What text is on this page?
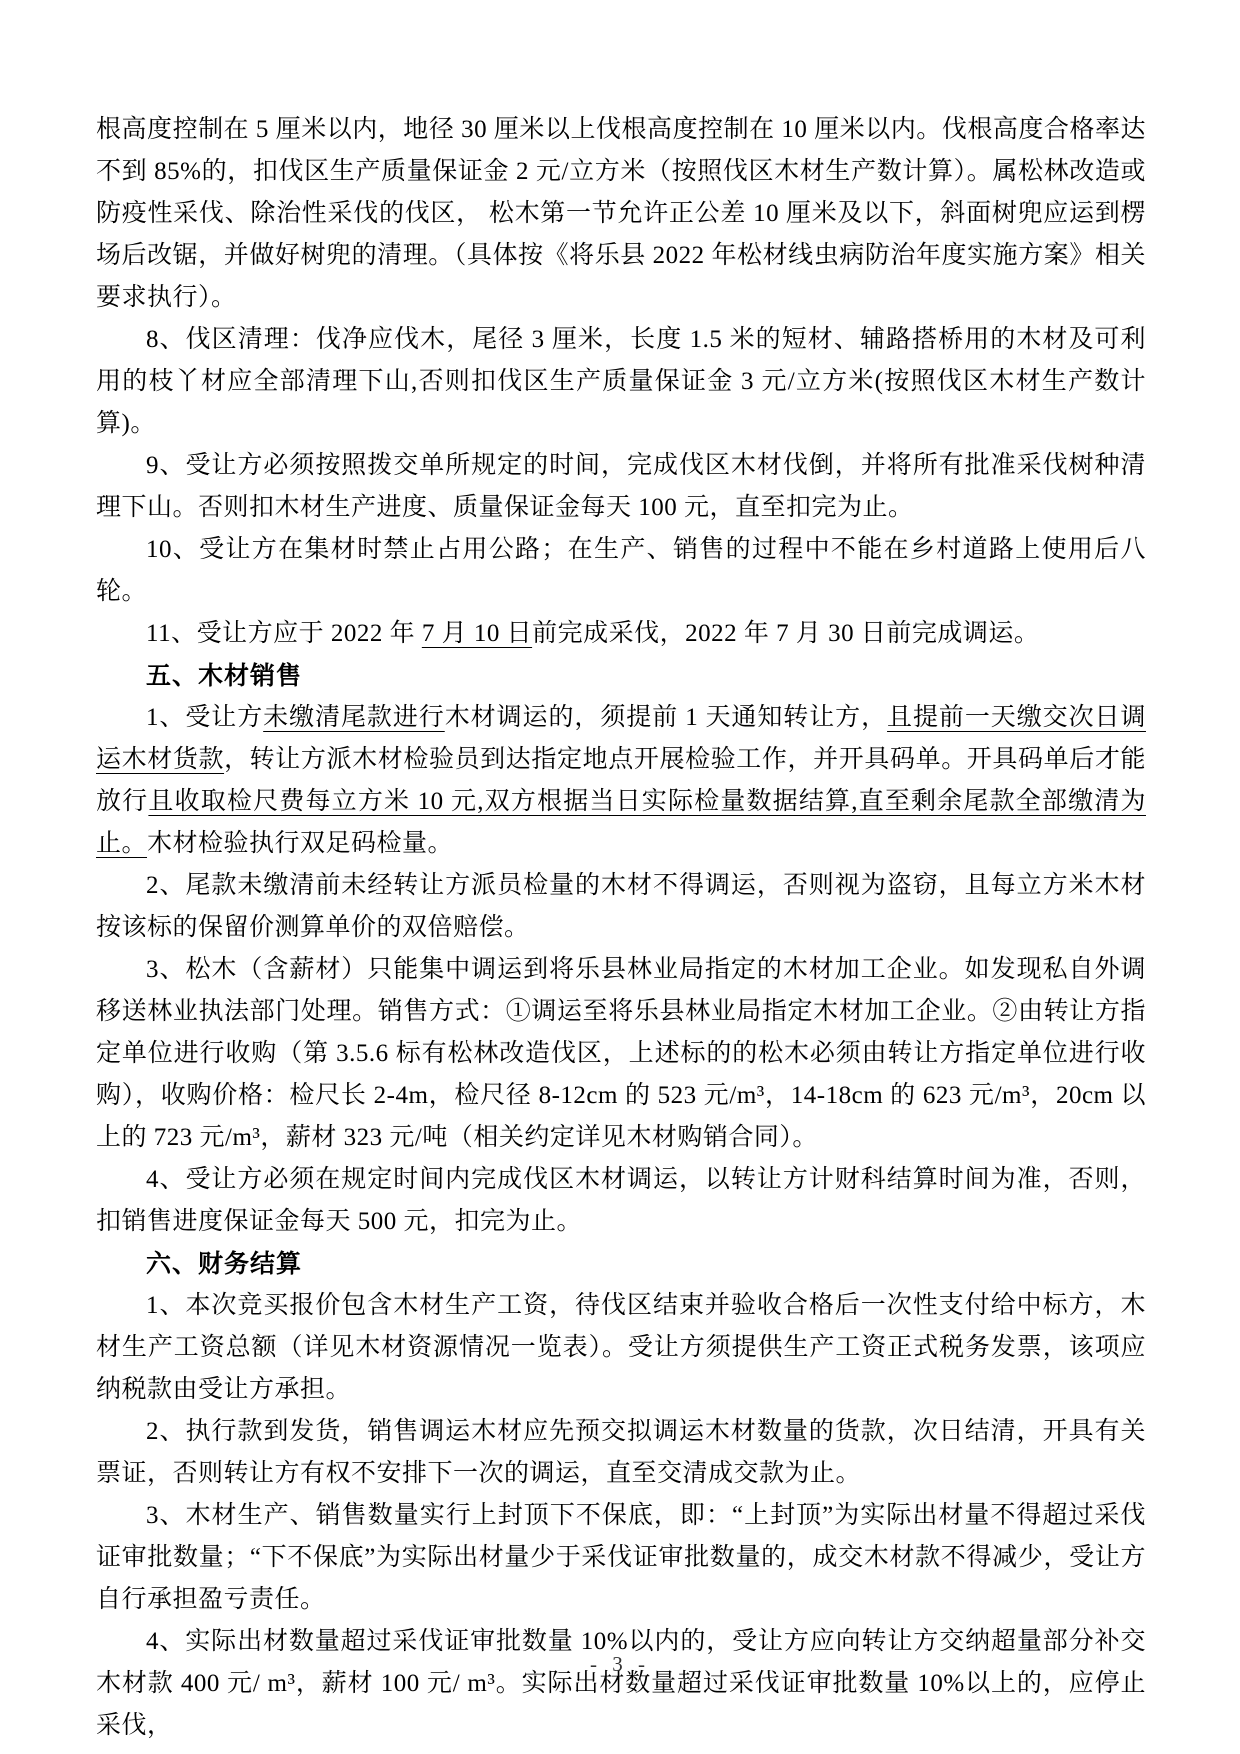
根高度控制在 5 厘米以内，地径 30 厘米以上伐根高度控制在 10 厘米以内。伐根高度合格率达不到 85%的，扣伐区生产质量保证金 2 元/立方米（按照伐区木材生产数计算）。属松林改造或防疫性采伐、除治性采伐的伐区， 松木第一节允许正公差 10 厘米及以下，斜面树兜应运到楞场后改锯，并做好树兜的清理。（具体按《将乐县 2022 年松材线虫病防治年度实施方案》相关要求执行）。

8、伐区清理：伐净应伐木，尾径 3 厘米，长度 1.5 米的短材、辅路搭桥用的木材及可利用的枝丫材应全部清理下山,否则扣伐区生产质量保证金 3 元/立方米(按照伐区木材生产数计算)。

9、受让方必须按照拨交单所规定的时间，完成伐区木材伐倒，并将所有批准采伐树种清理下山。否则扣木材生产进度、质量保证金每天 100 元，直至扣完为止。

10、受让方在集材时禁止占用公路；在生产、销售的过程中不能在乡村道路上使用后八轮。

11、受让方应于 2022 年 7 月 10 日前完成采伐，2022 年 7 月 30 日前完成调运。

五、木材销售

1、受让方未缴清尾款进行木材调运的，须提前 1 天通知转让方，且提前一天缴交次日调运木材货款，转让方派木材检验员到达指定地点开展检验工作，并开具码单。开具码单后才能放行且收取检尺费每立方米 10 元,双方根据当日实际检量数据结算,直至剩余尾款全部缴清为止。木材检验执行双足码检量。

2、尾款未缴清前未经转让方派员检量的木材不得调运，否则视为盗窃，且每立方米木材按该标的保留价测算单价的双倍赔偿。

3、松木（含薪材）只能集中调运到将乐县林业局指定的木材加工企业。如发现私自外调移送林业执法部门处理。销售方式：①调运至将乐县林业局指定木材加工企业。②由转让方指定单位进行收购（第 3.5.6 标有松林改造伐区，上述标的的松木必须由转让方指定单位进行收购），收购价格：检尺长 2-4m，检尺径 8-12cm 的 523 元/m³，14-18cm 的 623 元/m³，20cm 以上的 723 元/m³，薪材 323 元/吨（相关约定详见木材购销合同）。

4、受让方必须在规定时间内完成伐区木材调运，以转让方计财科结算时间为准，否则，扣销售进度保证金每天 500 元，扣完为止。

六、财务结算

1、本次竞买报价包含木材生产工资，待伐区结束并验收合格后一次性支付给中标方，木材生产工资总额（详见木材资源情况一览表）。受让方须提供生产工资正式税务发票，该项应纳税款由受让方承担。

2、执行款到发货，销售调运木材应先预交拟调运木材数量的货款，次日结清，开具有关票证，否则转让方有权不安排下一次的调运，直至交清成交款为止。

3、木材生产、销售数量实行上封顶下不保底，即：“上封顶”为实际出材量不得超过采伐证审批数量；“下不保底”为实际出材量少于采伐证审批数量的，成交木材款不得减少，受让方自行承担盈亏责任。

4、实际出材数量超过采伐证审批数量 10%以内的，受让方应向转让方交纳超量部分补交木材款 400 元/ m³，薪材 100 元/ m³。实际出材数量超过采伐证审批数量 10%以上的，应停止采伐，

- 3 -
